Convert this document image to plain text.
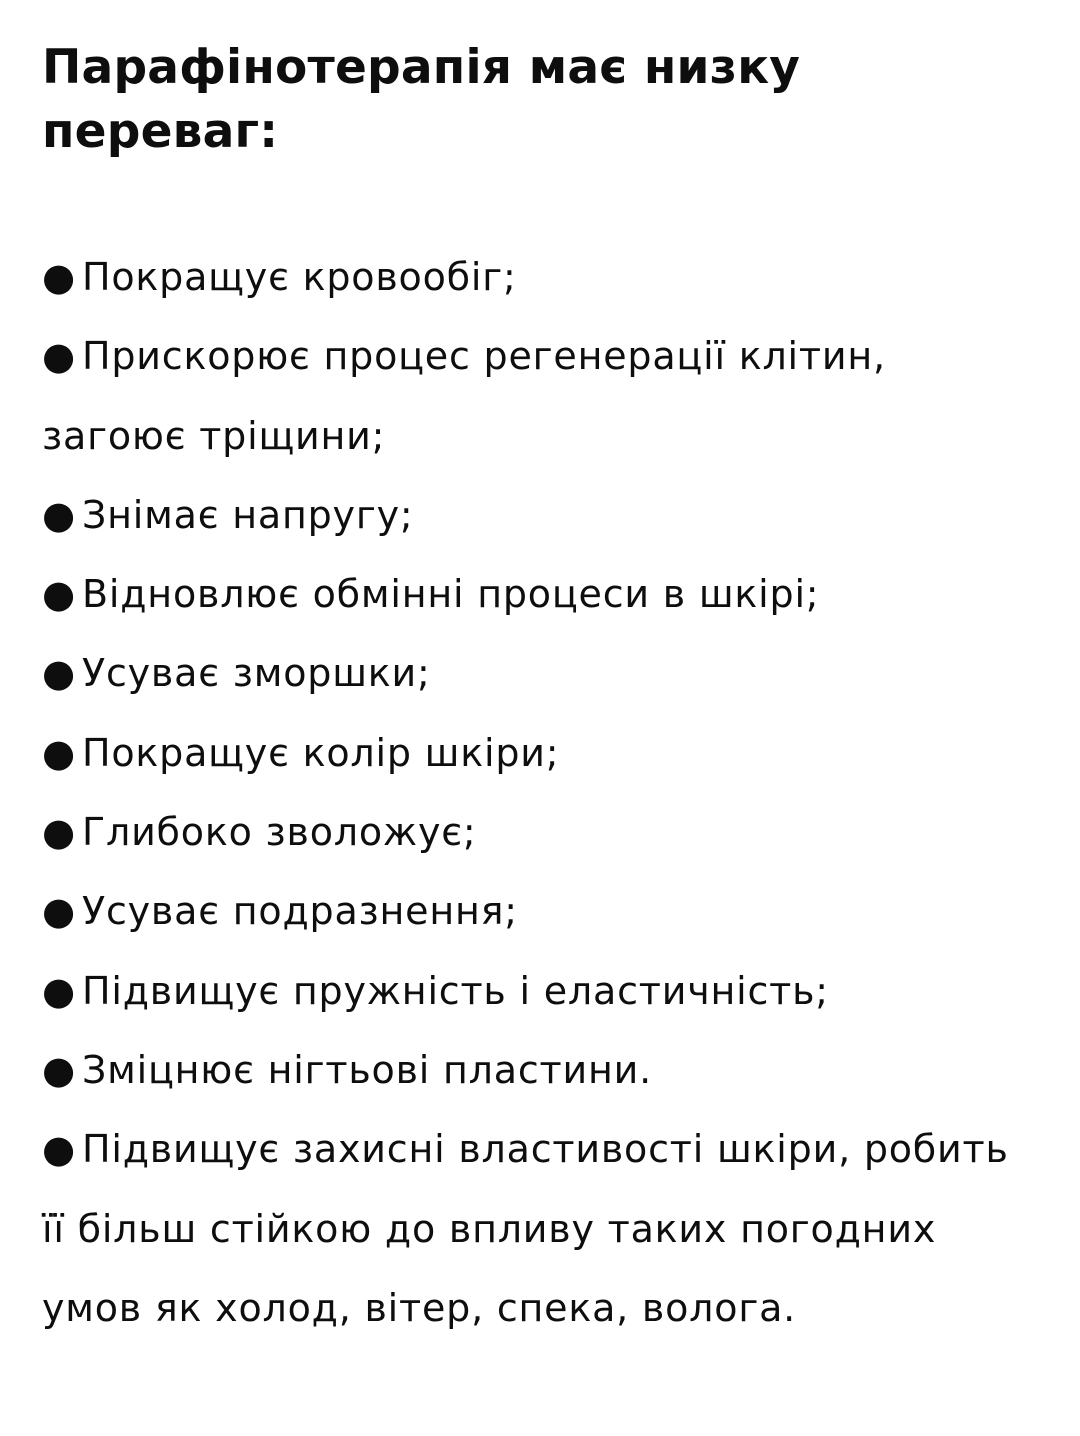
Парафінотерапія має низку переваг:
● Покращує кровообіг;
● Прискорює процес регенерації клітин, загоює тріщини;
● Знімає напругу;
● Відновлює обмінні процеси в шкірі;
● Усуває зморшки;
● Покращує колір шкіри;
● Глибоко зволожує;
● Усуває подразнення;
● Підвищує пружність і еластичність;
● Зміцнює нігтьові пластини.
● Підвищує захисні властивості шкіри, робить її більш стійкою до впливу таких погодних умов як холод, вітер, спека, волога.
